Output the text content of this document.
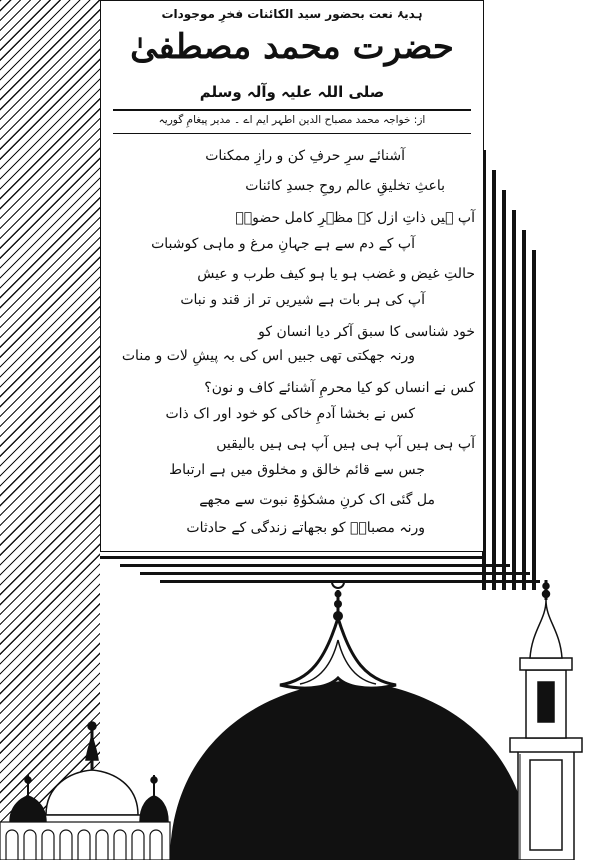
ہدیۂ نعت بحضور سید الکائنات فخرِ موجودات
حضرت محمد مصطفیٰ
صلی اللہ علیہ وآلہ وسلم
از: خواجہ محمد مصباح الدین اطہر ایم اے ۔ مدیر پیغامِ گوریہ
آشنائے سرِ حرفِ کن و رازِ ممکنات
باعثِ تخلیقِ عالم روحِ جسدِ کائنات
آپ ہیں ذاتِ ازل کے مظہرِ کامل حضورؐ
آپ کے دم سے ہے جہانِ مرغ و ماہی کوشبات
حالتِ غیض و غضب ہو یا ہو کیف طرب و عیش
آپ کی ہر بات ہے شیریں تر از قند و نبات
خود شناسی کا سبق آکر دیا انسان کو
ورنہ جھکتی تھی جبیں اس کی بہ پیشِ لات و منات
کس نے انساں کو کیا محرمِ آشنائے کاف و نون؟
کس نے بخشا آدمِ خاکی کو خود اور اک ذات
آپ ہی ہیں آپ ہی ہیں آپ ہی ہیں بالیقیں
جس سے قائم خالق و مخلوق میں ہے ارتباط
مل گئی اک کرنِ مشکوٰۃِ نبوت سے مجھے
ورنہ مصباحؔ کو بجھاتے زندگی کے حادثات
